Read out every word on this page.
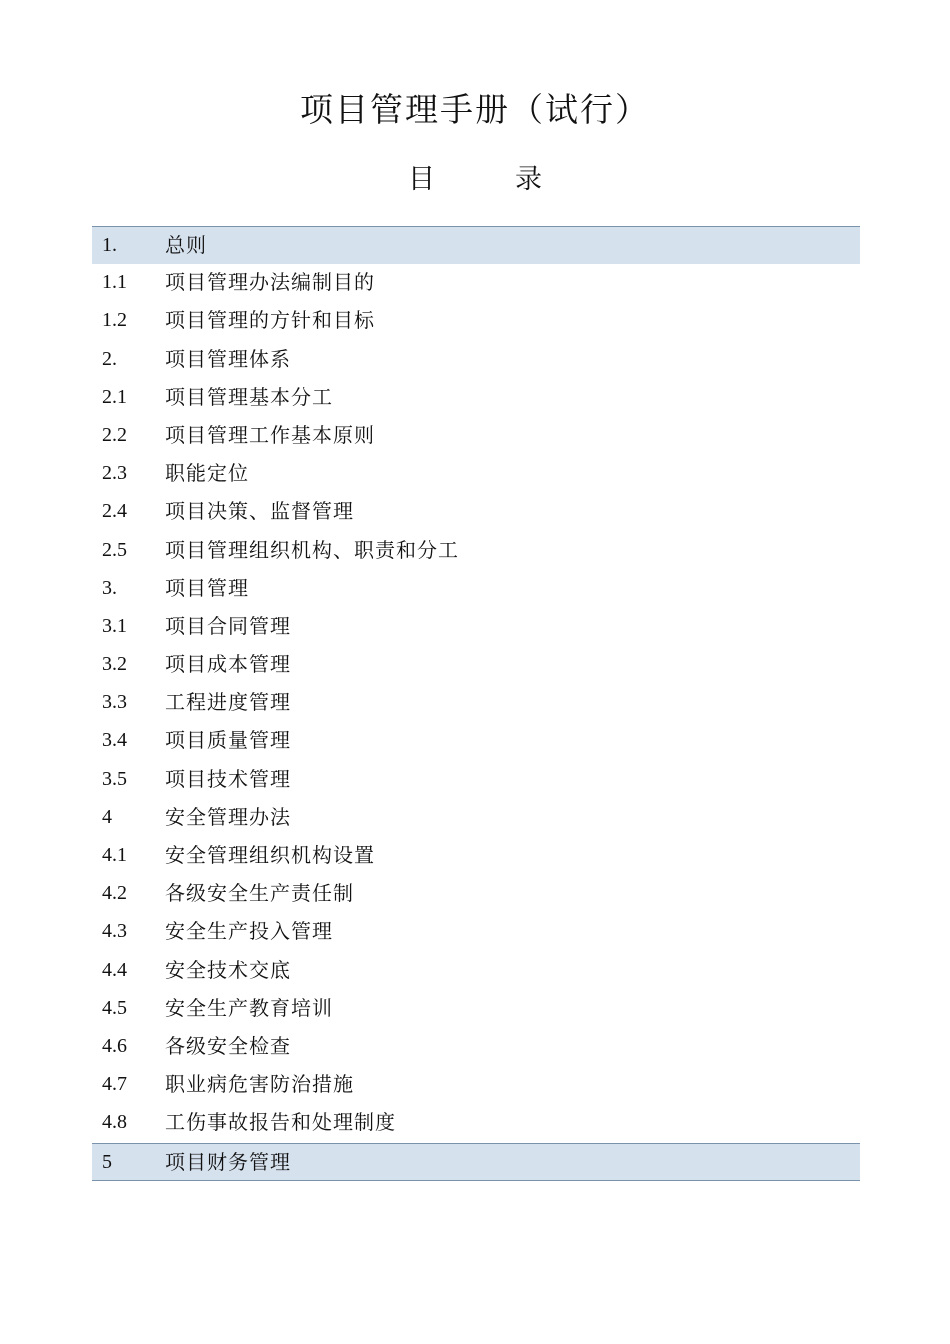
项目管理手册（试行）
目	录
1. 总则
1.1 项目管理办法编制目的
1.2 项目管理的方针和目标
2. 项目管理体系
2.1 项目管理基本分工
2.2 项目管理工作基本原则
2.3 职能定位
2.4 项目决策、监督管理
2.5 项目管理组织机构、职责和分工
3. 项目管理
3.1 项目合同管理
3.2 项目成本管理
3.3 工程进度管理
3.4 项目质量管理
3.5 项目技术管理
4	安全管理办法
4.1 安全管理组织机构设置
4.2 各级安全生产责任制
4.3 安全生产投入管理
4.4 安全技术交底
4.5 安全生产教育培训
4.6 各级安全检查
4.7 职业病危害防治措施
4.8 工伤事故报告和处理制度
5	项目财务管理
